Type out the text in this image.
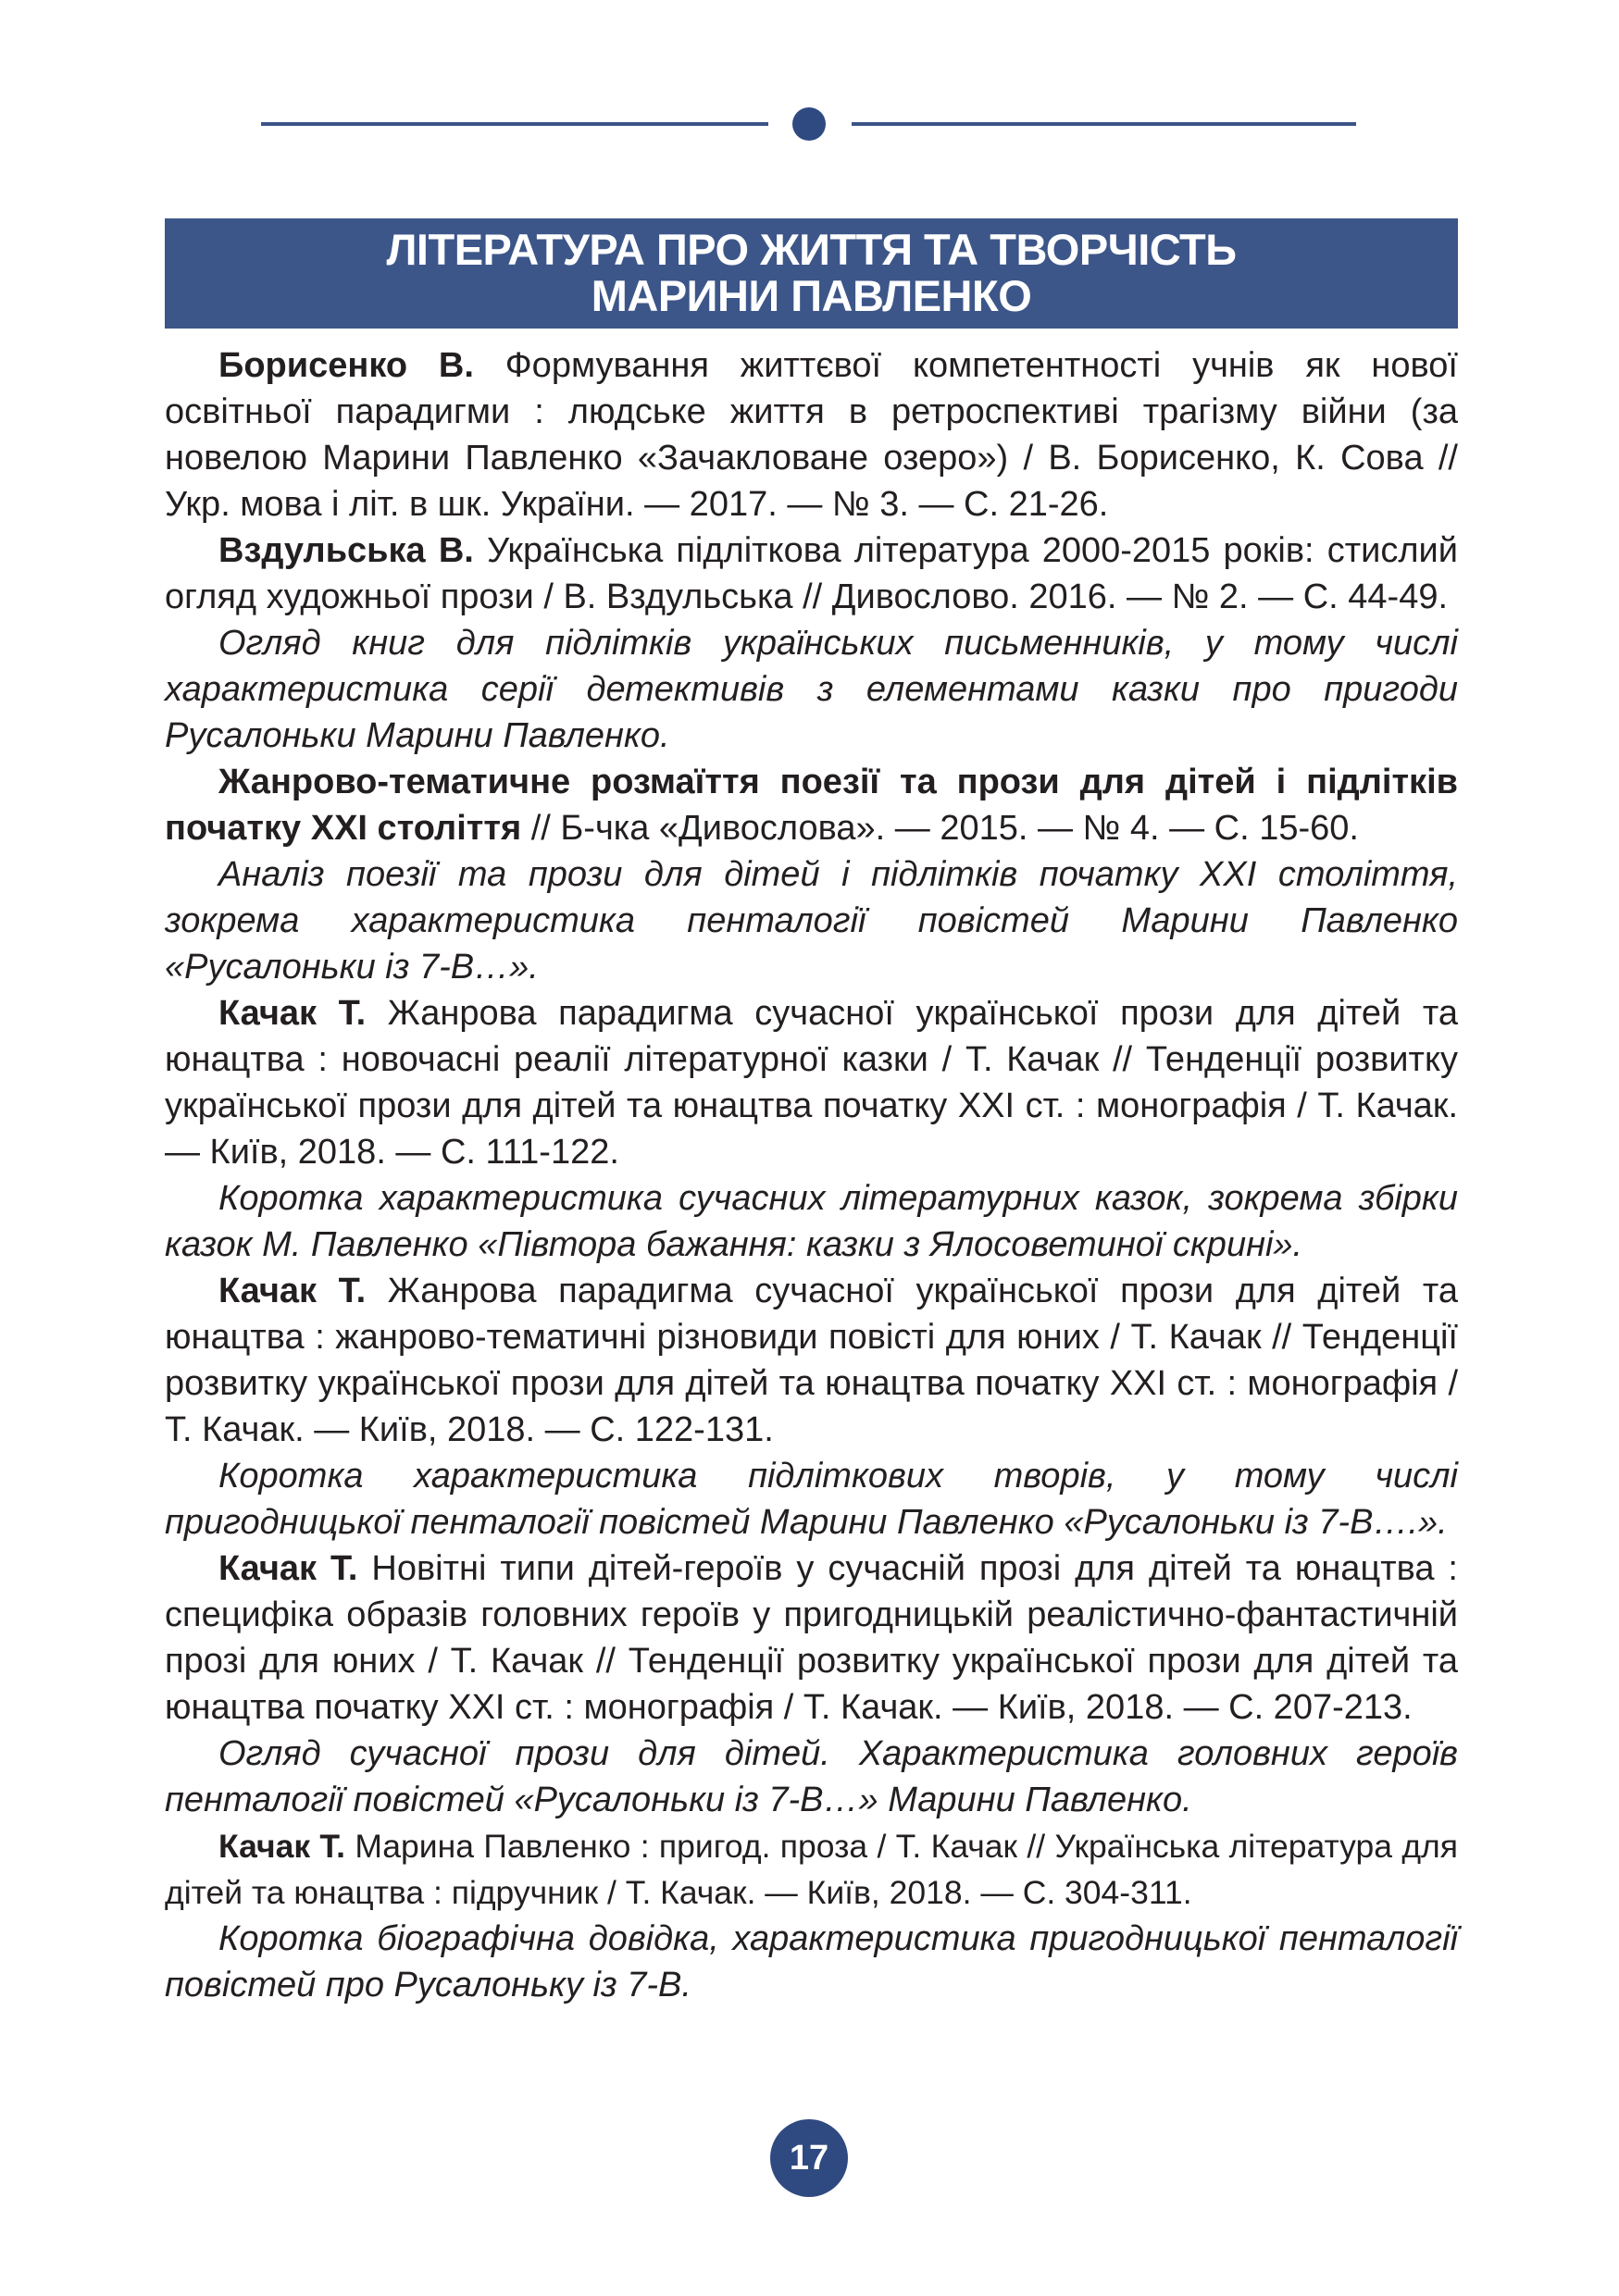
ЛІТЕРАТУРА ПРО ЖИТТЯ ТА ТВОРЧІСТЬ
МАРИНИ ПАВЛЕНКО

Борисенко В. Формування життєвої компетентності учнів як нової освітньої парадигми : людське життя в ретроспективі трагізму війни (за новелою Марини Павленко «Зачакловане озеро») / В. Борисенко, К. Сова // Укр. мова і літ. в шк. України. — 2017. — № 3. — С. 21-26.

Вздульська В. Українська підліткова література 2000-2015 років: стислий огляд художньої прози / В. Вздульська // Дивослово. 2016. — № 2. — С. 44-49.

Огляд книг для підлітків українських письменників, у тому числі характеристика серії детективів з елементами казки про пригоди Русалоньки Марини Павленко.

Жанрово-тематичне розмаїття поезії та прози для дітей і підлітків початку ХХІ століття // Б-чка «Дивослова». — 2015. — № 4. — С. 15-60.

Аналіз поезії та прози для дітей і підлітків початку ХХІ століття, зокрема характеристика пенталогії повістей Марини Павленко «Русалоньки із 7-В…».

Качак Т. Жанрова парадигма сучасної української прози для дітей та юнацтва : новочасні реалії літературної казки / Т. Качак // Тенденції розвитку української прози для дітей та юнацтва початку ХХІ ст. : монографія / Т. Качак. — Київ, 2018. — С. 111-122.

Коротка характеристика сучасних літературних казок, зокрема збірки казок М. Павленко «Півтора бажання: казки з Ялосоветиної скрині».

Качак Т. Жанрова парадигма сучасної української прози для дітей та юнацтва : жанрово-тематичні різновиди повісті для юних / Т. Качак // Тенденції розвитку української прози для дітей та юнацтва початку ХХІ ст. : монографія / Т. Качак. — Київ, 2018. — С. 122-131.

Коротка характеристика підліткових творів, у тому числі пригодницької пенталогії повістей Марини Павленко «Русалоньки із 7-В….».

Качак Т. Новітні типи дітей-героїв у сучасній прозі для дітей та юнацтва : специфіка образів головних героїв у пригодницькій реалістично-фантастичній прозі для юних / Т. Качак // Тенденції розвитку української прози для дітей та юнацтва початку ХХІ ст. : монографія / Т. Качак. — Київ, 2018. — С. 207-213.

Огляд сучасної прози для дітей. Характеристика головних героїв пенталогії повістей «Русалоньки із 7-В…» Марини Павленко.

Качак Т. Марина Павленко : пригод. проза / Т. Качак // Українська література для дітей та юнацтва : підручник / Т. Качак. — Київ, 2018. — С. 304-311.

Коротка біографічна довідка, характеристика пригодницької пенталогії повістей про Русалоньку із 7-В.

17
